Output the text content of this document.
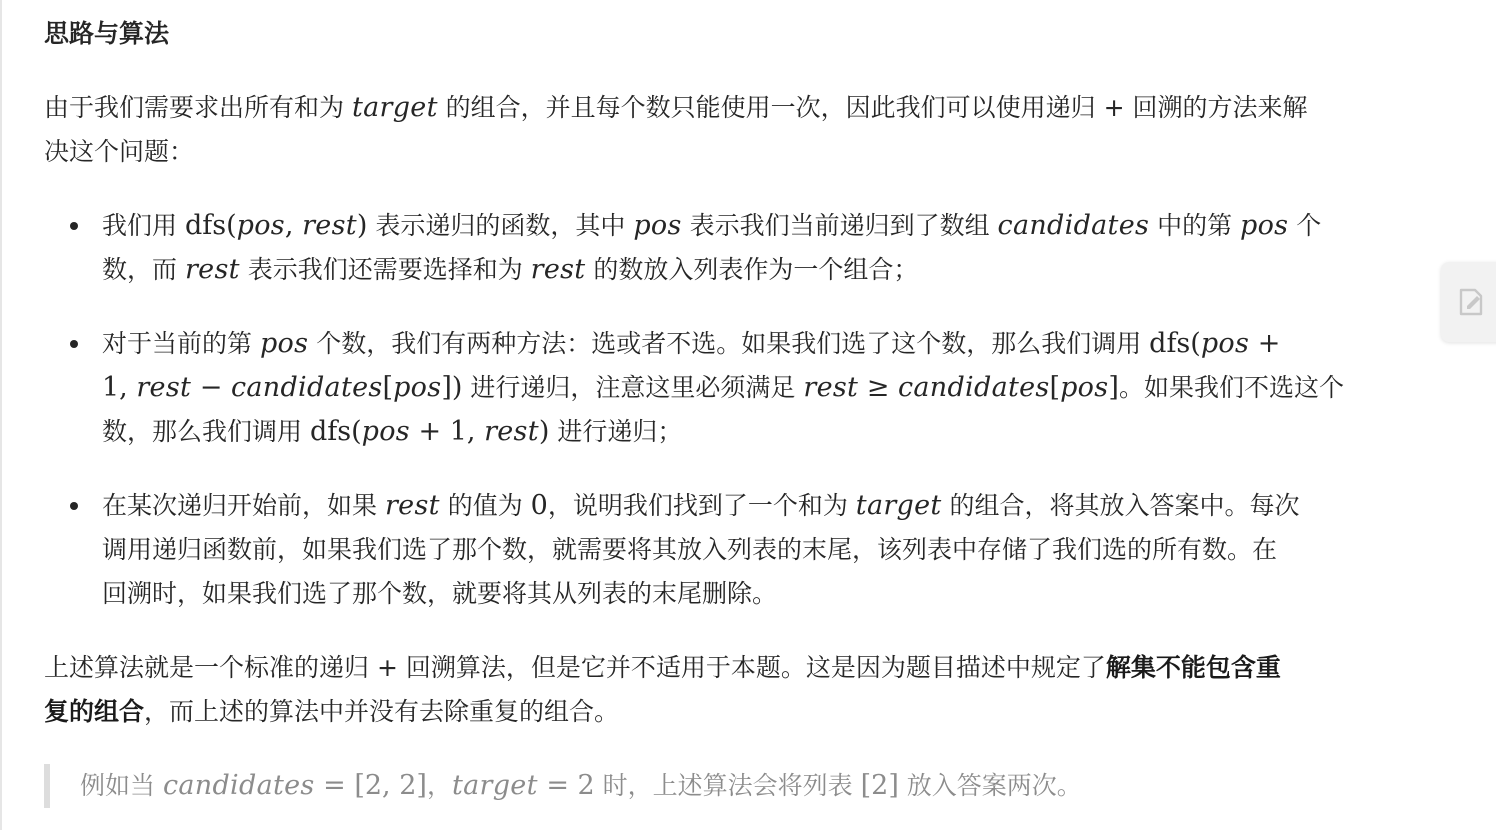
思路与算法

由于我们需要求出所有和为 target 的组合，并且每个数只能使用一次，因此我们可以使用递归 + 回溯的方法来解
决这个问题：

我们用 dfs(pos, rest) 表示递归的函数，其中 pos 表示我们当前递归到了数组 candidates 中的第 pos 个
数，而 rest 表示我们还需要选择和为 rest 的数放入列表作为一个组合；
对于当前的第 pos 个数，我们有两种方法：选或者不选。如果我们选了这个数，那么我们调用 dfs(pos +
1, rest − candidates[pos]) 进行递归，注意这里必须满足 rest ≥ candidates[pos]。如果我们不选这个
数，那么我们调用 dfs(pos + 1, rest) 进行递归；
在某次递归开始前，如果 rest 的值为 0，说明我们找到了一个和为 target 的组合，将其放入答案中。每次
调用递归函数前，如果我们选了那个数，就需要将其放入列表的末尾，该列表中存储了我们选的所有数。在
回溯时，如果我们选了那个数，就要将其从列表的末尾删除。

上述算法就是一个标准的递归 + 回溯算法，但是它并不适用于本题。这是因为题目描述中规定了解集不能包含重
复的组合，而上述的算法中并没有去除重复的组合。

例如当 candidates = [2, 2]，target = 2 时，上述算法会将列表 [2] 放入答案两次。
